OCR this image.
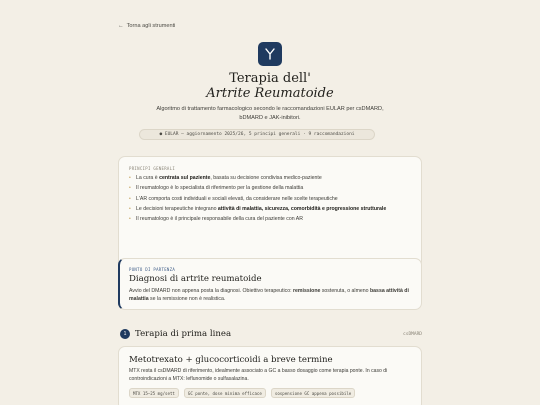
← Torna agli strumenti
Terapia dell'
Artrite Reumatoide
Algoritmo di trattamento farmacologico secondo le raccomandazioni EULAR per csDMARD, bDMARD e JAK-inibitori.
● EULAR — aggiornamento 2025/26, 5 principi generali · 9 raccomandazioni
PRINCIPI GENERALI
• La cura è centrata sul paziente, basata su decisione condivisa medico-paziente
• Il reumatologo è lo specialista di riferimento per la gestione della malattia
• L'AR comporta costi individuali e sociali elevati, da considerare nelle scelte terapeutiche
• Le decisioni terapeutiche integrano attività di malattia, sicurezza, comorbidità e progressione strutturale
• Il reumatologo è il principale responsabile della cura del paziente con AR
PUNTO DI PARTENZA
Diagnosi di artrite reumatoide
Avvio del DMARD non appena posta la diagnosi. Obiettivo terapeutico: remissione sostenuta, o almeno bassa attività di malattia se la remissione non è realistica.
1	Terapia di prima linea	csDMARD
Metotrexato + glucocorticoidi a breve termine
MTX resta il csDMARD di riferimento, idealmente associato a GC a basso dosaggio come terapia ponte. In caso di controindicazioni a MTX: leflunomide o sulfasalazina.
MTX 15–25 mg/sett	GC ponte, dose minima efficace	sospensione GC appena possibile
